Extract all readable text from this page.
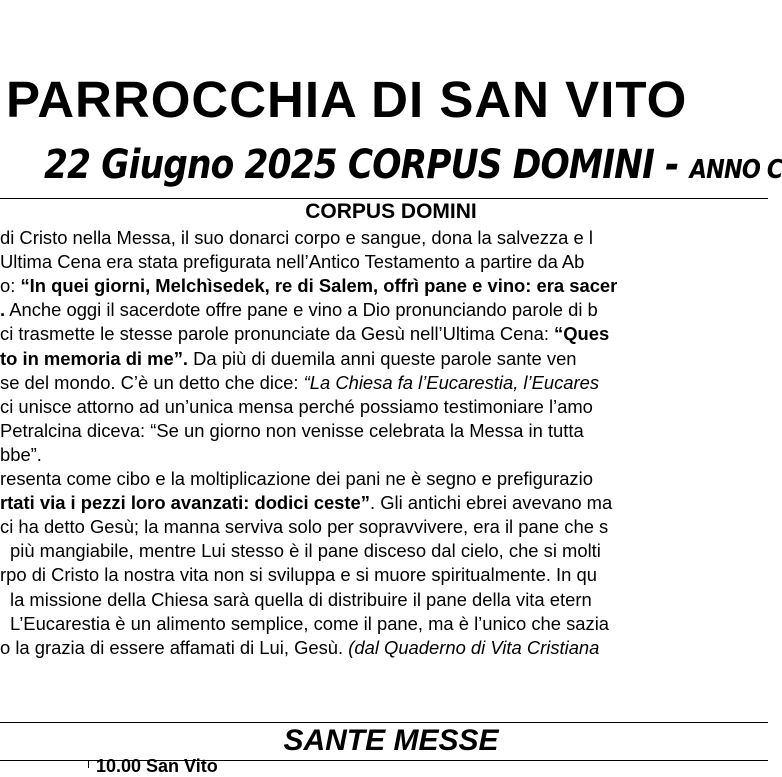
PARROCCHIA DI SAN VITO
22 Giugno 2025 CORPUS DOMINI - ANNO C
CORPUS DOMINI
di Cristo nella Messa, il suo donarci corpo e sangue, dona la salvezza e l
Ultima Cena era stata prefigurata nell’Antico Testamento a partire da Ab
o: “In quei giorni, Melchìsedek, re di Salem, offrì pane e vino: era sacer
. Anche oggi il sacerdote offre pane e vino a Dio pronunciando parole di b
ci trasmette le stesse parole pronunciate da Gesù nell’Ultima Cena: “Ques
to in memoria di me”. Da più di duemila anni queste parole sante ven
se del mondo. C’è un detto che dice: “La Chiesa fa l’Eucarestia, l’Eucares
ci unisce attorno ad un’unica mensa perché possiamo testimoniare l’amo
Petralcina diceva: “Se un giorno non venisse celebrata la Messa in tutta
bbe”.
resenta come cibo e la moltiplicazione dei pani ne è segno e prefigurazio
rtati via i pezzi loro avanzati: dodici ceste”. Gli antichi ebrei avevano ma
ci ha detto Gesù; la manna serviva solo per sopravvivere, era il pane che s
più mangiabile, mentre Lui stesso è il pane disceso dal cielo, che si molti
rpo di Cristo la nostra vita non si sviluppa e si muore spiritualmente. In qu
la missione della Chiesa sarà quella di distribuire il pane della vita etern
L’Eucarestia è un alimento semplice, come il pane, ma è l’unico che sazia
o la grazia di essere affamati di Lui, Gesù. (dal Quaderno di Vita Cristiana
SANTE MESSE
10.00 San Vito
